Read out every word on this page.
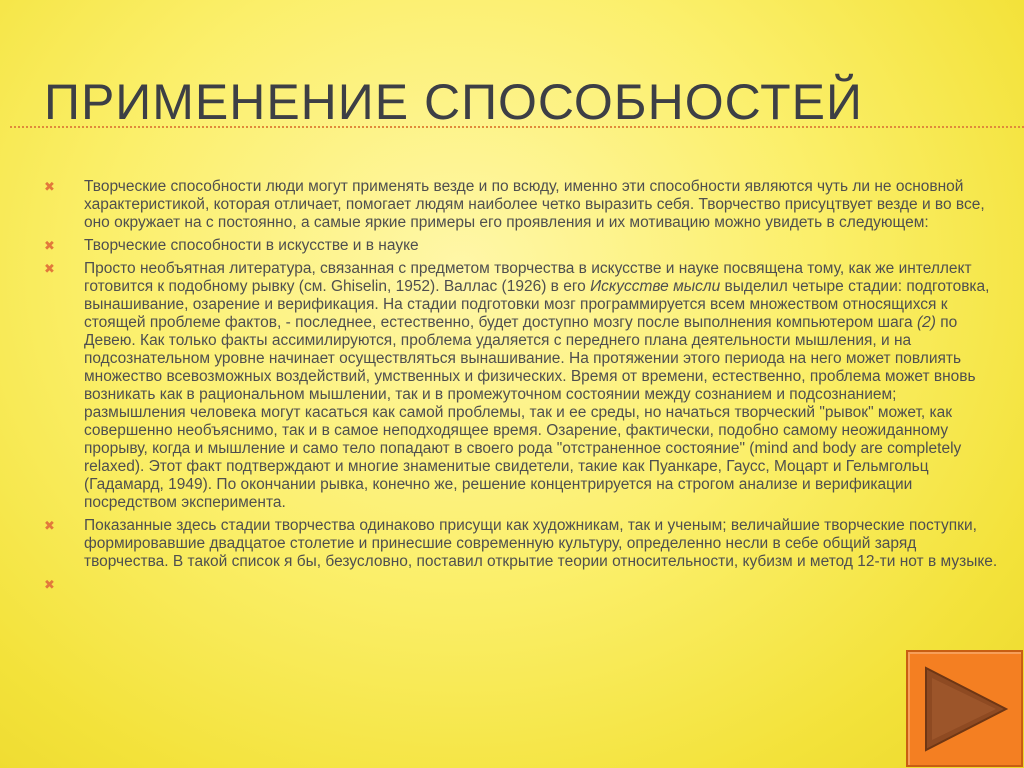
ПРИМЕНЕНИЕ СПОСОБНОСТЕЙ
✖ Творческие способности люди могут применять везде и по всюду, именно эти способности являются чуть ли не основной характеристикой, которая отличает, помогает людям наиболее четко выразить себя. Творчество присуцтвует везде и во все, оно окружает на с постоянно, а самые яркие примеры его проявления и их мотивацию можно увидеть в следующем:
✖ Творческие способности в искусстве и в науке
✖ Просто необъятная литература, связанная с предметом творчества в искусстве и науке посвящена тому, как же интеллект готовится к подобному рывку (см. Ghiselin, 1952). Валлас (1926) в его Искусстве мысли выделил четыре стадии: подготовка, вынашивание, озарение и верификация. На стадии подготовки мозг программируется всем множеством относящихся к стоящей проблеме фактов, - последнее, естественно, будет доступно мозгу после выполнения компьютером шага (2) по Девею. Как только факты ассимилируются, проблема удаляется с переднего плана деятельности мышления, и на подсознательном уровне начинает осуществляться вынашивание. На протяжении этого периода на него может повлиять множество всевозможных воздействий, умственных и физических. Время от времени, естественно, проблема может вновь возникать как в рациональном мышлении, так и в промежуточном состоянии между сознанием и подсознанием; размышления человека могут касаться как самой проблемы, так и ее среды, но начаться творческий "рывок" может, как совершенно необъяснимо, так и в самое неподходящее время. Озарение, фактически, подобно самому неожиданному прорыву, когда и мышление и само тело попадают в своего рода "отстраненное состояние" (mind and body are completely relaxed). Этот факт подтверждают и многие знаменитые свидетели, такие как Пуанкаре, Гаусс, Моцарт и Гельмгольц (Гадамард, 1949). По окончании рывка, конечно же, решение концентрируется на строгом анализе и верификации посредством эксперимента.
✖ Показанные здесь стадии творчества одинаково присущи как художникам, так и ученым; величайшие творческие поступки, формировавшие двадцатое столетие и принесшие современную культуру, определенно несли в себе общий заряд творчества. В такой список я бы, безусловно, поставил открытие теории относительности, кубизм и метод 12-ти нот в музыке.
✖
